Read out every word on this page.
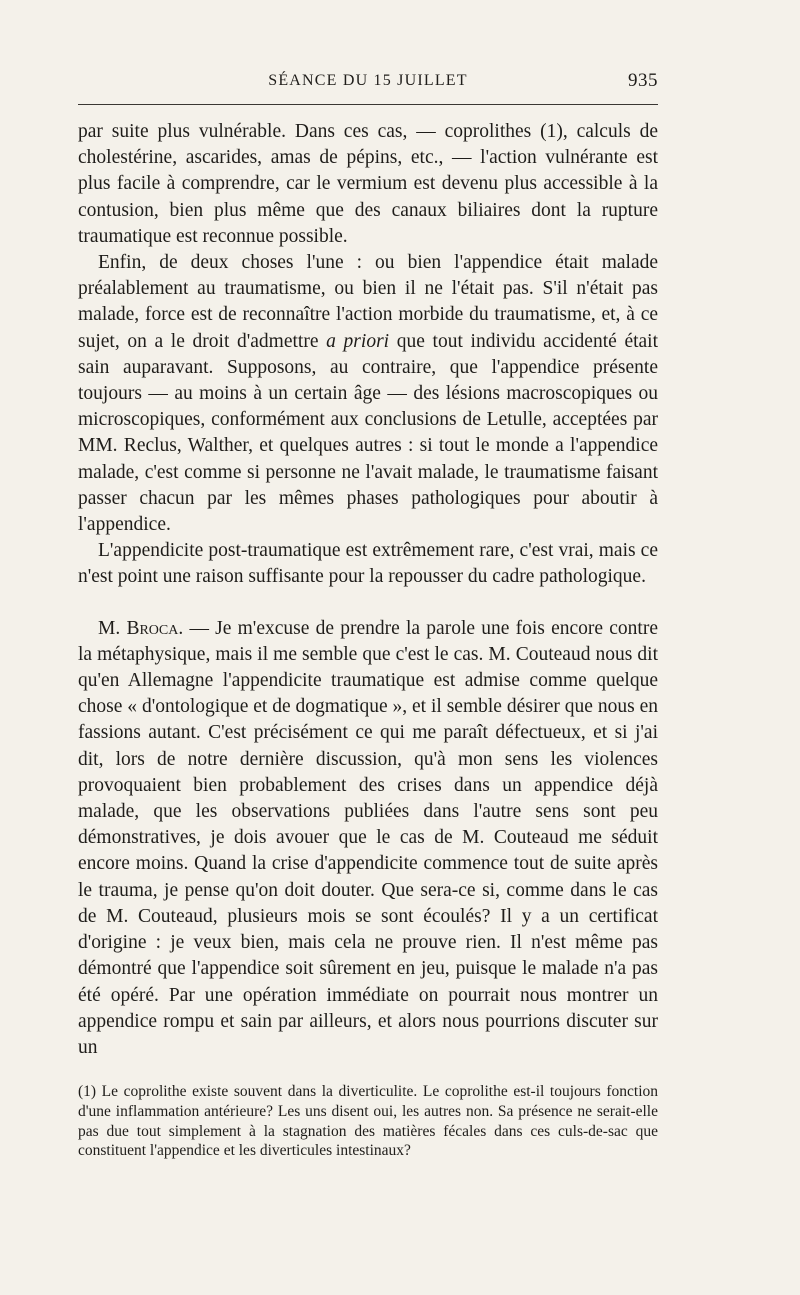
SÉANCE DU 15 JUILLET	935

par suite plus vulnérable. Dans ces cas, — coprolithes (1), calculs de cholestérine, ascarides, amas de pépins, etc., — l'action vulnérante est plus facile à comprendre, car le vermium est devenu plus accessible à la contusion, bien plus même que des canaux biliaires dont la rupture traumatique est reconnue possible.

Enfin, de deux choses l'une : ou bien l'appendice était malade préalablement au traumatisme, ou bien il ne l'était pas. S'il n'était pas malade, force est de reconnaître l'action morbide du traumatisme, et, à ce sujet, on a le droit d'admettre a priori que tout individu accidenté était sain auparavant. Supposons, au contraire, que l'appendice présente toujours — au moins à un certain âge — des lésions macroscopiques ou microscopiques, conformément aux conclusions de Letulle, acceptées par MM. Reclus, Walther, et quelques autres : si tout le monde a l'appendice malade, c'est comme si personne ne l'avait malade, le traumatisme faisant passer chacun par les mêmes phases pathologiques pour aboutir à l'appendice.

L'appendicite post-traumatique est extrêmement rare, c'est vrai, mais ce n'est point une raison suffisante pour la repousser du cadre pathologique.

M. Broca. — Je m'excuse de prendre la parole une fois encore contre la métaphysique, mais il me semble que c'est le cas. M. Couteaud nous dit qu'en Allemagne l'appendicite traumatique est admise comme quelque chose « d'ontologique et de dogmatique », et il semble désirer que nous en fassions autant. C'est précisément ce qui me paraît défectueux, et si j'ai dit, lors de notre dernière discussion, qu'à mon sens les violences provoquaient bien probablement des crises dans un appendice déjà malade, que les observations publiées dans l'autre sens sont peu démonstratives, je dois avouer que le cas de M. Couteaud me séduit encore moins. Quand la crise d'appendicite commence tout de suite après le trauma, je pense qu'on doit douter. Que sera-ce si, comme dans le cas de M. Couteaud, plusieurs mois se sont écoulés? Il y a un certificat d'origine : je veux bien, mais cela ne prouve rien. Il n'est même pas démontré que l'appendice soit sûrement en jeu, puisque le malade n'a pas été opéré. Par une opération immédiate on pourrait nous montrer un appendice rompu et sain par ailleurs, et alors nous pourrions discuter sur un

(1) Le coprolithe existe souvent dans la diverticulite. Le coprolithe est-il toujours fonction d'une inflammation antérieure? Les uns disent oui, les autres non. Sa présence ne serait-elle pas due tout simplement à la stagnation des matières fécales dans ces culs-de-sac que constituent l'appendice et les diverticules intestinaux?
